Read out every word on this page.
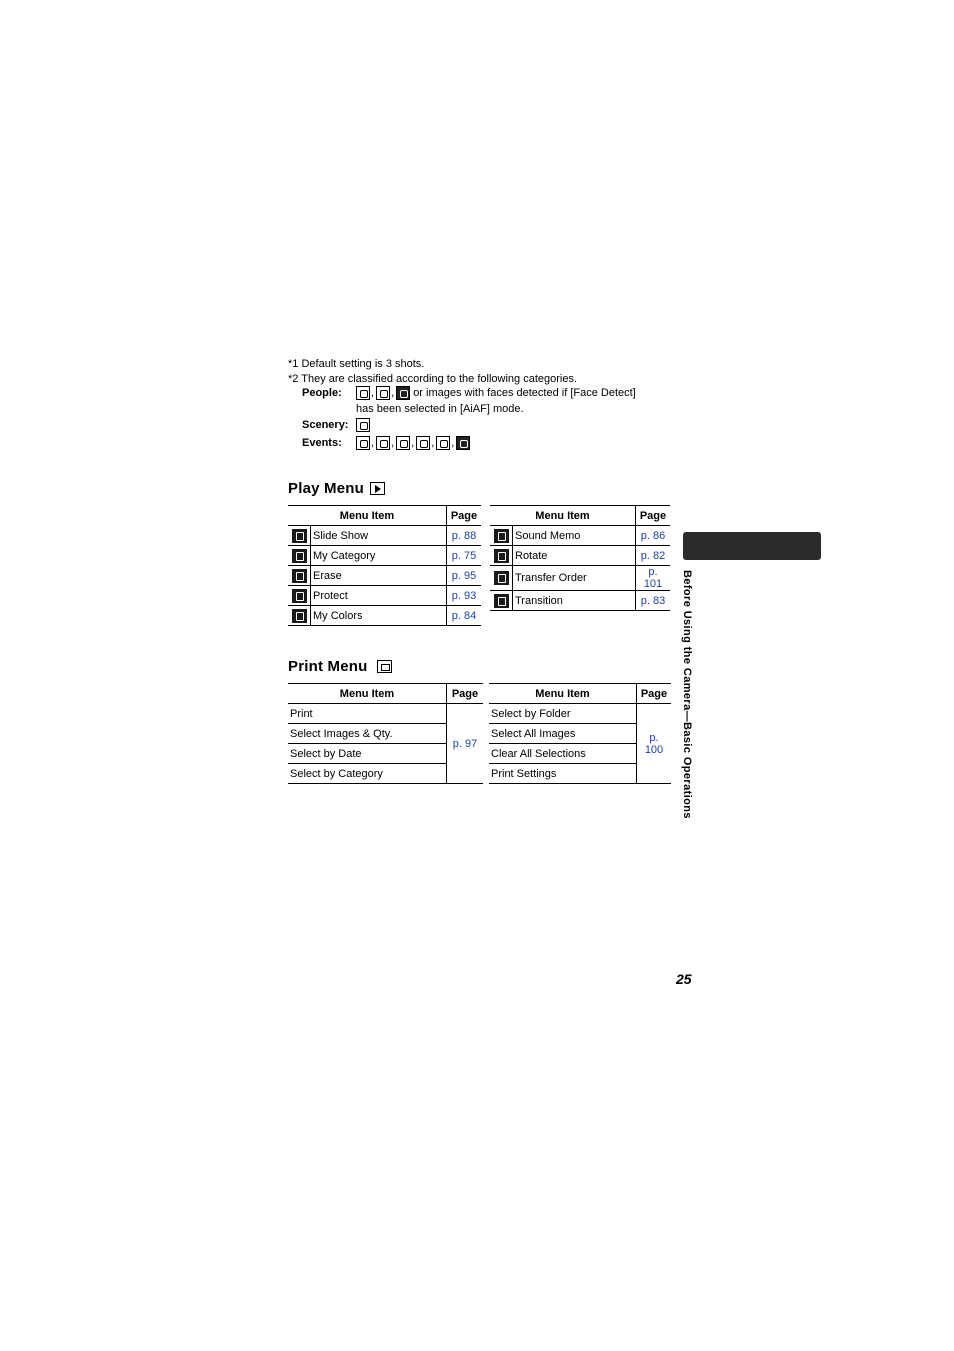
*1 Default setting is 3 shots.
*2 They are classified according to the following categories.
People:	, , or images with faces detected if [Face Detect]
has been selected in [AiAF] mode.
Scenery:
Events:	, , , , ,
Play Menu
Menu Item		Page
	Slide Show	p. 88
	My Category	p. 75
	Erase	p. 95
	Protect	p. 93
	My Colors	p. 84
Menu Item		Page
	Sound Memo	p. 86
	Rotate	p. 82
	Transfer Order	p. 101
	Transition	p. 83
Print Menu
Menu Item	Page
Print	p. 97
Select Images & Qty.	
Select by Date	
Select by Category	
Menu Item	Page
Select by Folder	p. 100
Select All Images	
Clear All Selections	
Print Settings		Before Using the Camera—Basic Operations
25
